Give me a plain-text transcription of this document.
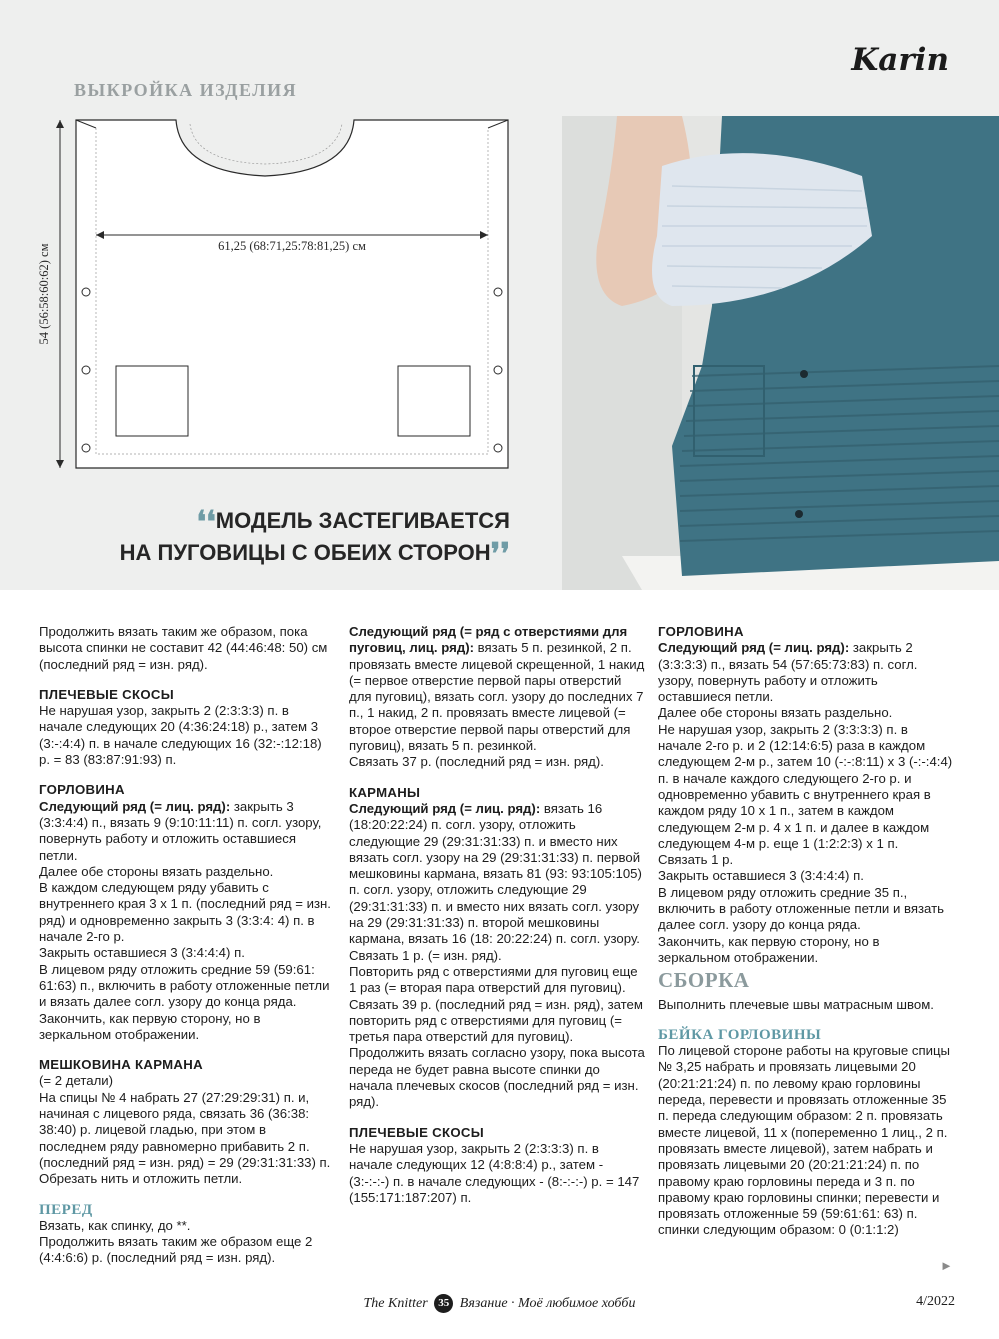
Karin
ВЫКРОЙКА ИЗДЕЛИЯ
61,25 (68:71,25:78:81,25) см
54 (56:58:60:62) см
❛❛МОДЕЛЬ ЗАСТЕГИВАЕТСЯ
НА ПУГОВИЦЫ С ОБЕИХ СТОРОН❜❜

Продолжить вязать таким же образом, пока высота спинки не составит 42 (44:46:48: 50) см (последний ряд = изн. ряд).

ПЛЕЧЕВЫЕ СКОСЫ

Не нарушая узор, закрыть 2 (2:3:3:3) п. в начале следующих 20 (4:36:24:18) р., затем 3 (3:-:4:4) п. в начале следующих 16 (32:-:12:18) р. = 83 (83:87:91:93) п.

ГОРЛОВИНА

Следующий ряд (= лиц. ряд): закрыть 3 (3:3:4:4) п., вязать 9 (9:10:11:11) п. согл. узору, повернуть работу и отложить оставшиеся петли.

Далее обе стороны вязать раздельно.

В каждом следующем ряду убавить с внутреннего края 3 х 1 п. (последний ряд = изн. ряд) и одновременно закрыть 3 (3:3:4: 4) п. в начале 2-го р.

Закрыть оставшиеся 3 (3:4:4:4) п.

В лицевом ряду отложить средние 59 (59:61: 61:63) п., включить в работу отложенные петли и вязать далее согл. узору до конца ряда.

Закончить, как первую сторону, но в зеркальном отображении.

МЕШКОВИНА КАРМАНА

(= 2 детали)

На спицы № 4 набрать 27 (27:29:29:31) п. и, начиная с лицевого ряда, связать 36 (36:38: 38:40) р. лицевой гладью, при этом в последнем ряду равномерно прибавить 2 п. (последний ряд = изн. ряд) = 29 (29:31:31:33) п. Обрезать нить и отложить петли.

ПЕРЕД

Вязать, как спинку, до **.

Продолжить вязать таким же образом еще 2 (4:4:6:6) р. (последний ряд = изн. ряд).

Следующий ряд (= ряд с отверстиями для пуговиц, лиц. ряд): вязать 5 п. резинкой, 2 п. провязать вместе лицевой скрещенной, 1 накид (= первое отверстие первой пары отверстий для пуговиц), вязать согл. узору до последних 7 п., 1 накид, 2 п. провязать вместе лицевой (= второе отверстие первой пары отверстий для пуговиц), вязать 5 п. резинкой.

Связать 37 р. (последний ряд = изн. ряд).

КАРМАНЫ

Следующий ряд (= лиц. ряд): вязать 16 (18:20:22:24) п. согл. узору, отложить следующие 29 (29:31:31:33) п. и вместо них вязать согл. узору на 29 (29:31:31:33) п. первой мешковины кармана, вязать 81 (93: 93:105:105) п. согл. узору, отложить следующие 29 (29:31:31:33) п. и вместо них вязать согл. узору на 29 (29:31:31:33) п. второй мешковины кармана, вязать 16 (18: 20:22:24) п. согл. узору.

Связать 1 р. (= изн. ряд).

Повторить ряд с отверстиями для пуговиц еще 1 раз (= вторая пара отверстий для пуговиц).

Связать 39 р. (последний ряд = изн. ряд), затем повторить ряд с отверстиями для пуговиц (= третья пара отверстий для пуговиц).

Продолжить вязать согласно узору, пока высота переда не будет равна высоте спинки до начала плечевых скосов (последний ряд = изн. ряд).

ПЛЕЧЕВЫЕ СКОСЫ

Не нарушая узор, закрыть 2 (2:3:3:3) п. в начале следующих 12 (4:8:8:4) р., затем - (3:-:-:-) п. в начале следующих - (8:-:-:-) р. = 147 (155:171:187:207) п.

ГОРЛОВИНА

Следующий ряд (= лиц. ряд): закрыть 2 (3:3:3:3) п., вязать 54 (57:65:73:83) п. согл. узору, повернуть работу и отложить оставшиеся петли.

Далее обе стороны вязать раздельно.

Не нарушая узор, закрыть 2 (3:3:3:3) п. в начале 2-го р. и 2 (12:14:6:5) раза в каждом следующем 2-м р., затем 10 (-:-:8:11) х 3 (-:-:4:4) п. в начале каждого следующего 2-го р. и одновременно убавить с внутреннего края в каждом ряду 10 х 1 п., затем в каждом следующем 2-м р. 4 х 1 п. и далее в каждом следующем 4-м р. еще 1 (1:2:2:3) х 1 п.

Связать 1 р.

Закрыть оставшиеся 3 (3:4:4:4) п.

В лицевом ряду отложить средние 35 п., включить в работу отложенные петли и вязать далее согл. узору до конца ряда.

Закончить, как первую сторону, но в зеркальном отображении.

СБОРКА

Выполнить плечевые швы матрасным швом.

БЕЙКА ГОРЛОВИНЫ

По лицевой стороне работы на круговые спицы № 3,25 набрать и провязать лицевыми 20 (20:21:21:24) п. по левому краю горловины переда, перевести и провязать отложенные 35 п. переда следующим образом: 2 п. провязать вместе лицевой, 11 х (попеременно 1 лиц., 2 п. провязать вместе лицевой), затем набрать и провязать лицевыми 20 (20:21:21:24) п. по правому краю горловины переда и 3 п. по правому краю горловины спинки; перевести и провязать отложенные 59 (59:61:61: 63) п. спинки следующим образом: 0 (0:1:1:2)

►
The Knitter 35 Вязание · Моё любимое хобби	4/2022
